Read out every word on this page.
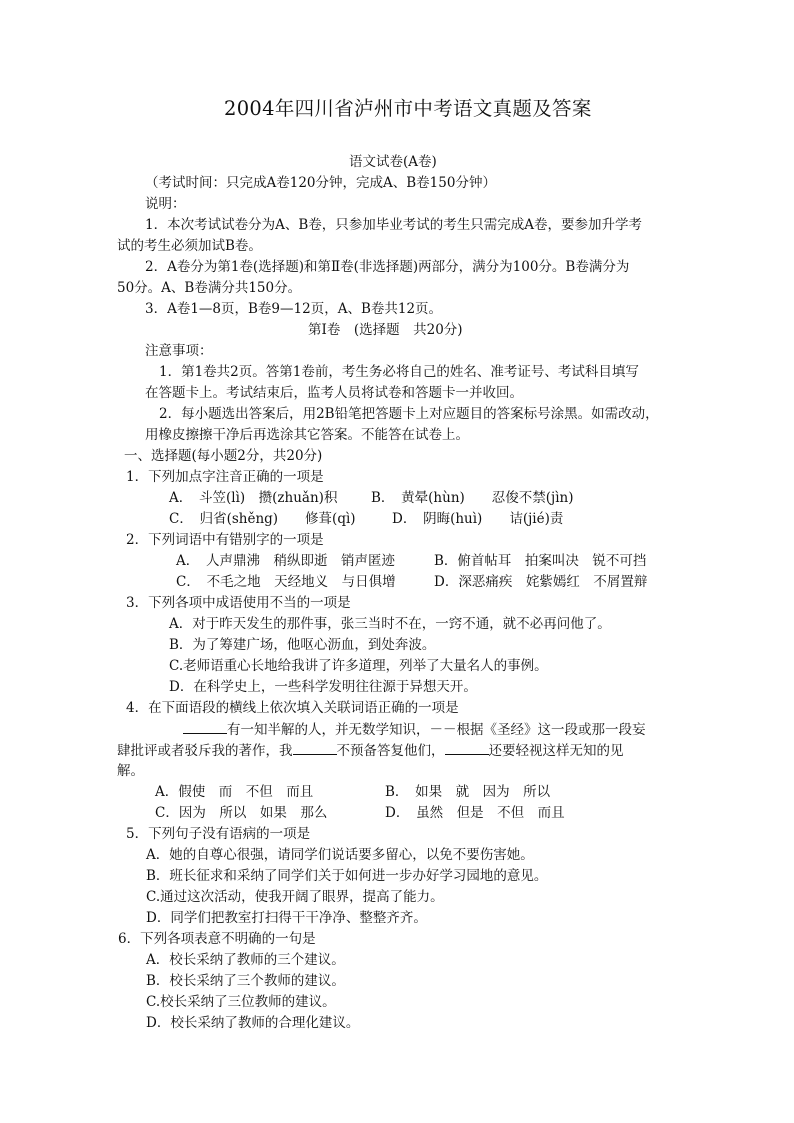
2004年四川省泸州市中考语文真题及答案
语文试卷(A卷)
（考试时间：只完成A卷120分钟，完成A、B卷150分钟）
说明：
1．本次考试试卷分为A、B卷，只参加毕业考试的考生只需完成A卷，要参加升学考
试的考生必须加试B卷。
2．A卷分为第1卷(选择题)和第Ⅱ卷(非选择题)两部分，满分为100分。B卷满分为
50分。A、B卷满分共150分。
3．A卷1—8页，B卷9—12页，A、B卷共12页。
第Ⅰ卷　(选择题　共20分)
注意事项：
1．第1卷共2页。答第1卷前，考生务必将自己的姓名、准考证号、考试科目填写
在答题卡上。考试结束后，监考人员将试卷和答题卡一并收回。
2．每小题选出答案后，用2B铅笔把答题卡上对应题目的答案标号涂黑。如需改动，
用橡皮擦擦干净后再选涂其它答案。不能答在试卷上。
一、选择题(每小题2分，共20分)
1．下列加点字注音正确的一项是
A．　斗笠(lì)　攒(zhuǎn)积 B．　黄晕(hùn)　　忍俊不禁(jìn)
C．　归省(shěng)　　修葺(qì)	D．　阴晦(huì)　　诘(jié)责
2．下列词语中有错别字的一项是
A．　人声鼎沸　稍纵即逝　销声匿迹	B．俯首帖耳　拍案叫决　锐不可挡
C．　不毛之地　天经地义　与日俱增	D．深恶痛疾　姹紫嫣红　不屑置辩
3．下列各项中成语使用不当的一项是
A．对于昨天发生的那件事，张三当时不在，一窍不通，就不必再问他了。
B．为了筹建广场，他呕心沥血，到处奔波。
C.老师语重心长地给我讲了许多道理，列举了大量名人的事例。
D．在科学史上，一些科学发明往往源于异想天开。
4．在下面语段的横线上依次填入关联词语正确的一项是
有一知半解的人，并无数学知识，－－根据《圣经》这一段或那一段妄
肆批评或者驳斥我的著作，我	不预备答复他们，	还要轻视这样无知的见
解。
A．假使　而　不但　而且	B．　如果　就　因为　所以
C．因为　所以　如果　那么	D．　虽然　但是　不但　而且
5．下列句子没有语病的一项是
A．她的自尊心很强，请同学们说话要多留心，以免不要伤害她。
B．班长征求和采纳了同学们关于如何进一步办好学习园地的意见。
C.通过这次活动，使我开阔了眼界，提高了能力。
D．同学们把教室打扫得干干净净、整整齐齐。
6．下列各项表意不明确的一句是
A．校长采纳了教师的三个建议。
B．校长采纳了三个教师的建议。
C.校长采纳了三位教师的建议。
D．校长采纳了教师的合理化建议。
